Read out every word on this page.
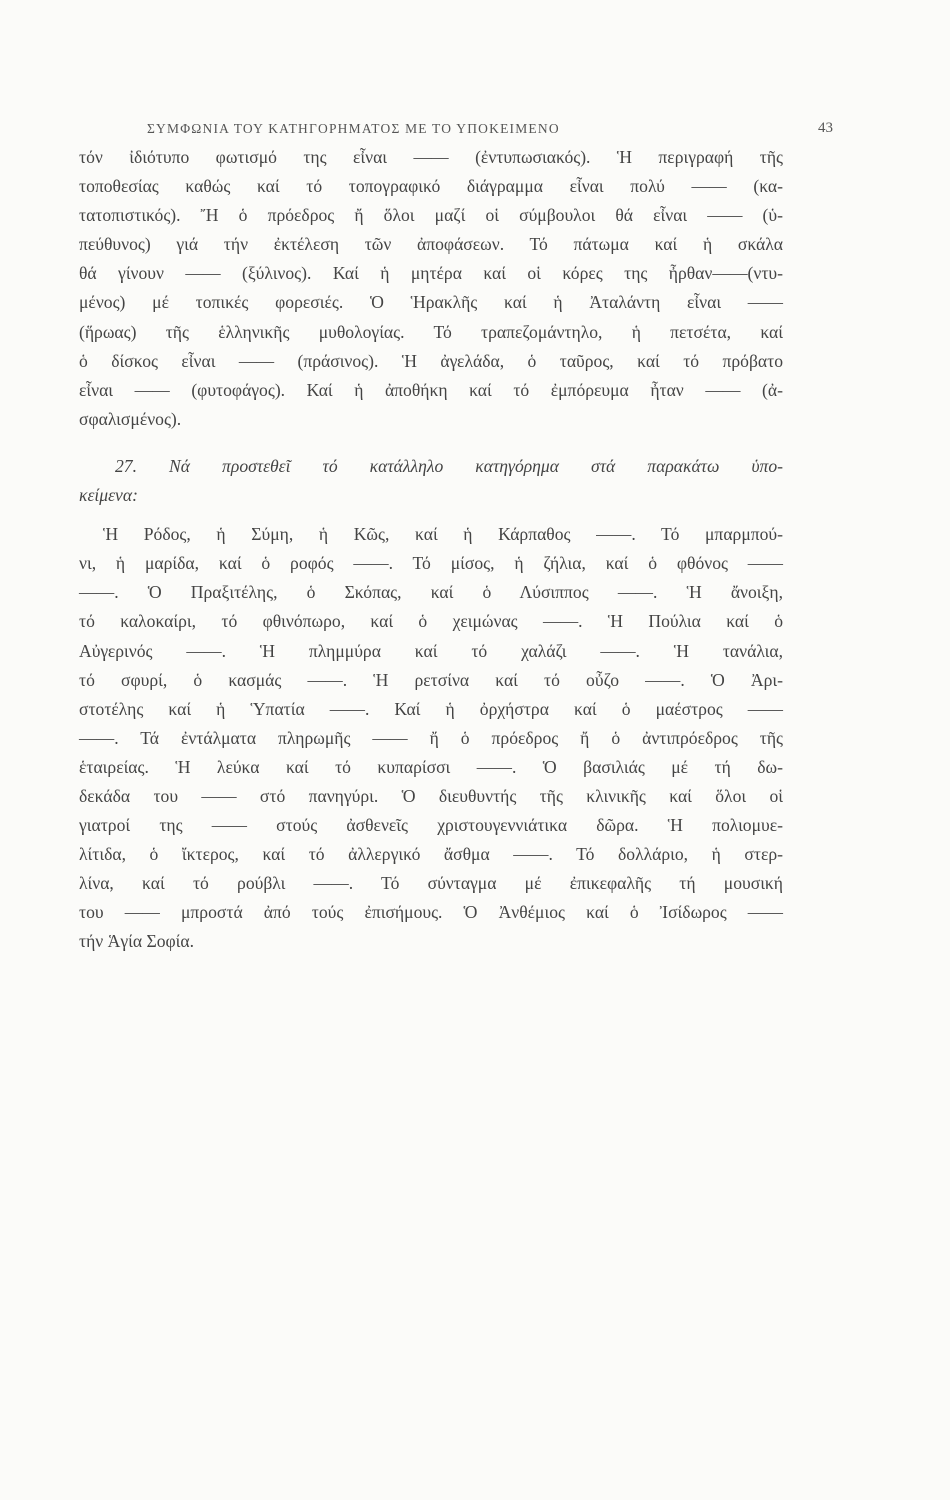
ΣΥΜΦΩΝΙΑ ΤΟΥ ΚΑΤΗΓΟΡΗΜΑΤΟΣ ΜΕ ΤΟ ΥΠΟΚΕΙΜΕΝΟ	43
τόν ἰδιότυπο φωτισμό της εἶναι —— (ἐντυπωσιακός). Ἡ περιγραφή τῆς
τοποθεσίας καθώς καί τό τοπογραφικό διάγραμμα εἶναι πολύ —— (κα-
τατοπιστικός). Ἤ ὁ πρόεδρος ἤ ὅλοι μαζί οἱ σύμβουλοι θά εἶναι —— (ὑ-
πεύθυνος) γιά τήν ἐκτέλεση τῶν ἀποφάσεων. Τό πάτωμα καί ἡ σκάλα
θά γίνουν —— (ξύλινος). Καί ἡ μητέρα καί οἱ κόρες της ἦρθαν——(ντυ-
μένος) μέ τοπικές φορεσιές. Ὁ Ἡρακλῆς καί ἡ Ἀταλάντη εἶναι ——
(ἥρωας) τῆς ἑλληνικῆς μυθολογίας. Τό τραπεζομάντηλο, ἡ πετσέτα, καί
ὁ δίσκος εἶναι —— (πράσινος). Ἡ ἀγελάδα, ὁ ταῦρος, καί τό πρόβατο
εἶναι —— (φυτοφάγος). Καί ἡ ἀποθήκη καί τό ἐμπόρευμα ἦταν —— (ἀ-
σφαλισμένος).
27. Νά προστεθεῖ τό κατάλληλο κατηγόρημα στά παρακάτω ὑπο-
κείμενα:
Ἡ Ρόδος, ἡ Σύμη, ἡ Κῶς, καί ἡ Κάρπαθος ——. Τό μπαρμπού-
νι, ἡ μαρίδα, καί ὁ ροφός ——. Τό μίσος, ἡ ζήλια, καί ὁ φθόνος ——
——. Ὁ Πραξιτέλης, ὁ Σκόπας, καί ὁ Λύσιππος ——. Ἡ ἄνοιξη,
τό καλοκαίρι, τό φθινόπωρο, καί ὁ χειμώνας ——. Ἡ Πούλια καί ὁ
Αὐγερινός ——. Ἡ πλημμύρα καί τό χαλάζι ——. Ἡ τανάλια,
τό σφυρί, ὁ κασμάς ——. Ἡ ρετσίνα καί τό οὖζο ——. Ὁ Ἀρι-
στοτέλης καί ἡ Ὑπατία ——. Καί ἡ ὀρχήστρα καί ὁ μαέστρος ——
——. Τά ἐντάλματα πληρωμῆς —— ἤ ὁ πρόεδρος ἤ ὁ ἀντιπρόεδρος τῆς
ἑταιρείας. Ἡ λεύκα καί τό κυπαρίσσι ——. Ὁ βασιλιάς μέ τή δω-
δεκάδα του —— στό πανηγύρι. Ὁ διευθυντής τῆς κλινικῆς καί ὅλοι οἱ
γιατροί της —— στούς ἀσθενεῖς χριστουγεννιάτικα δῶρα. Ἡ πολιομυε-
λίτιδα, ὁ ἴκτερος, καί τό ἀλλεργικό ἄσθμα ——. Τό δολλάριο, ἡ στερ-
λίνα, καί τό ρούβλι ——. Τό σύνταγμα μέ ἐπικεφαλῆς τή μουσική
του —— μπροστά ἀπό τούς ἐπισήμους. Ὁ Ἀνθέμιος καί ὁ Ἰσίδωρος ——
τήν Ἁγία Σοφία.
